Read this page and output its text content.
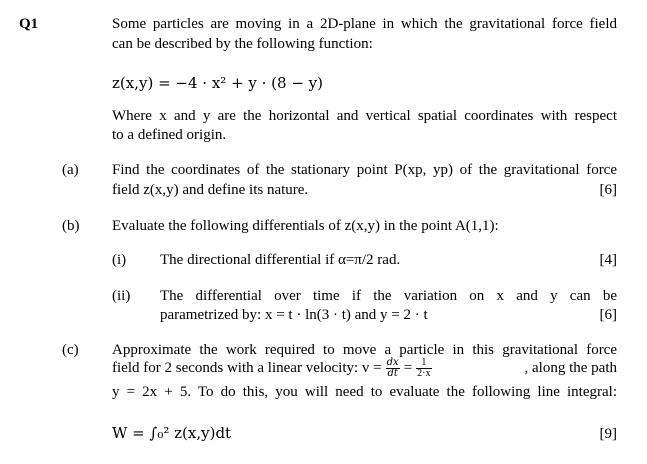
Q1	Some particles are moving in a 2D-plane in which the gravitational force field
can be described by the following function:
z(x,y) = −4 · x² + y · (8 − y)
Where x and y are the horizontal and vertical spatial coordinates with respect
to a defined origin.
(a) Find the coordinates of the stationary point P(xp, yp) of the gravitational force
field z(x,y) and define its nature.	[6]
(b) Evaluate the following differentials of z(x,y) in the point A(1,1):
(i) The directional differential if α=π/2 rad.	[4]
(ii) The differential over time if the variation on x and y can be
parametrized by: x = t · ln(3 · t) and y = 2 · t	[6]
(c) Approximate the work required to move a particle in this gravitational force
field for 2 seconds with a linear velocity: $v = \frac{dx}{dt} = \frac{1}{2\cdot x}$	, along the path
y = 2x + 5. To do this, you will need to evaluate the following line integral:
W = ∫₀² z(x,y)dt	[9]
